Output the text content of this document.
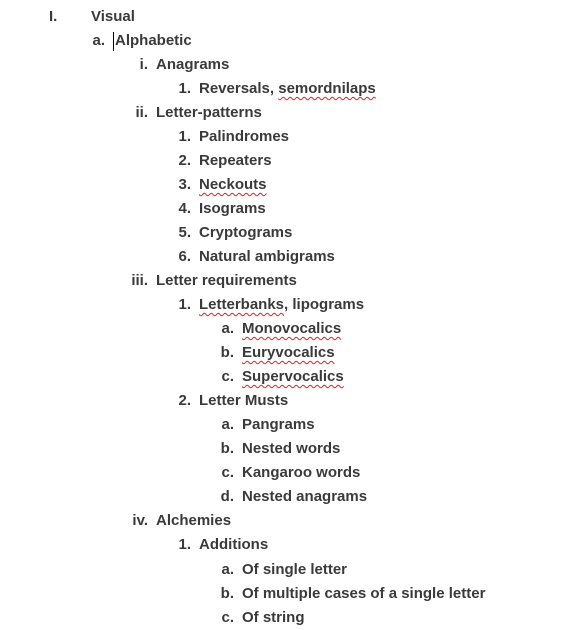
I.	Visual
a. Alphabetic
i. Anagrams
1. Reversals, semordnilaps
ii. Letter-patterns
1. Palindromes
2. Repeaters
3. Neckouts
4. Isograms
5. Cryptograms
6. Natural ambigrams
iii. Letter requirements
1. Letterbanks, lipograms
a. Monovocalics
b. Euryvocalics
c. Supervocalics
2. Letter Musts
a. Pangrams
b. Nested words
c. Kangaroo words
d. Nested anagrams
iv. Alchemies
1. Additions
a. Of single letter
b. Of multiple cases of a single letter
c. Of string
